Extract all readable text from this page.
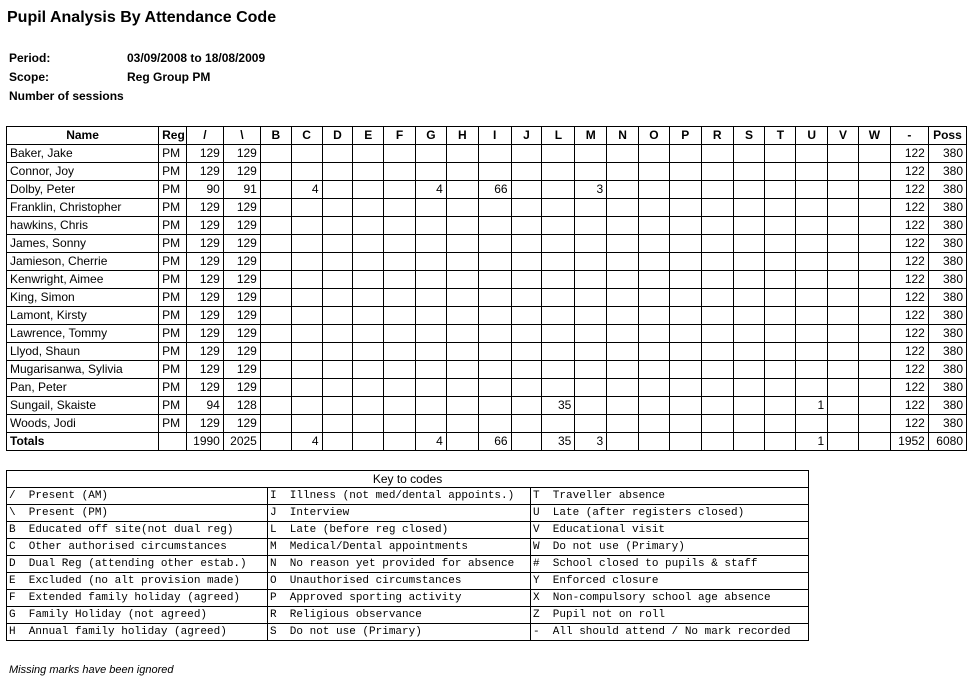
Pupil Analysis By Attendance Code
Period:	03/09/2008 to 18/08/2009
Scope:	Reg Group PM
Number of sessions
Name	Reg	/	\	B	C	D	E	F	G	H	I	J	L	M	N	O	P	R	S	T	U	V	W	-	Poss
Baker, Jake	PM	129	129																					122	380
Connor, Joy	PM	129	129																					122	380
Dolby, Peter	PM	90	91		4				4		66			3										122	380
Franklin, Christopher	PM	129	129																					122	380
hawkins, Chris	PM	129	129																					122	380
James, Sonny	PM	129	129																					122	380
Jamieson, Cherrie	PM	129	129																					122	380
Kenwright, Aimee	PM	129	129																					122	380
King, Simon	PM	129	129																					122	380
Lamont, Kirsty	PM	129	129																					122	380
Lawrence, Tommy	PM	129	129																					122	380
Llyod, Shaun	PM	129	129																					122	380
Mugarisanwa, Sylivia	PM	129	129																					122	380
Pan, Peter	PM	129	129																					122	380
Sungail, Skaiste	PM	94	128										35								1			122	380
Woods, Jodi	PM	129	129																					122	380
Totals		1990	2025		4				4		66		35	3							1			1952	6080
Key to codes		
/  Present (AM)	I  Illness (not med/dental appoints.)	T  Traveller absence
\  Present (PM)	J  Interview	U  Late (after registers closed)
B  Educated off site(not dual reg)	L  Late (before reg closed)	V  Educational visit
C  Other authorised circumstances	M  Medical/Dental appointments	W  Do not use (Primary)
D  Dual Reg (attending other estab.)	N  No reason yet provided for absence	#  School closed to pupils & staff
E  Excluded (no alt provision made)	O  Unauthorised circumstances	Y  Enforced closure
F  Extended family holiday (agreed)	P  Approved sporting activity	X  Non-compulsory school age absence
G  Family Holiday (not agreed)	R  Religious observance	Z  Pupil not on roll
H  Annual family holiday (agreed)	S  Do not use (Primary)	-  All should attend / No mark recorded
Missing marks have been ignored
